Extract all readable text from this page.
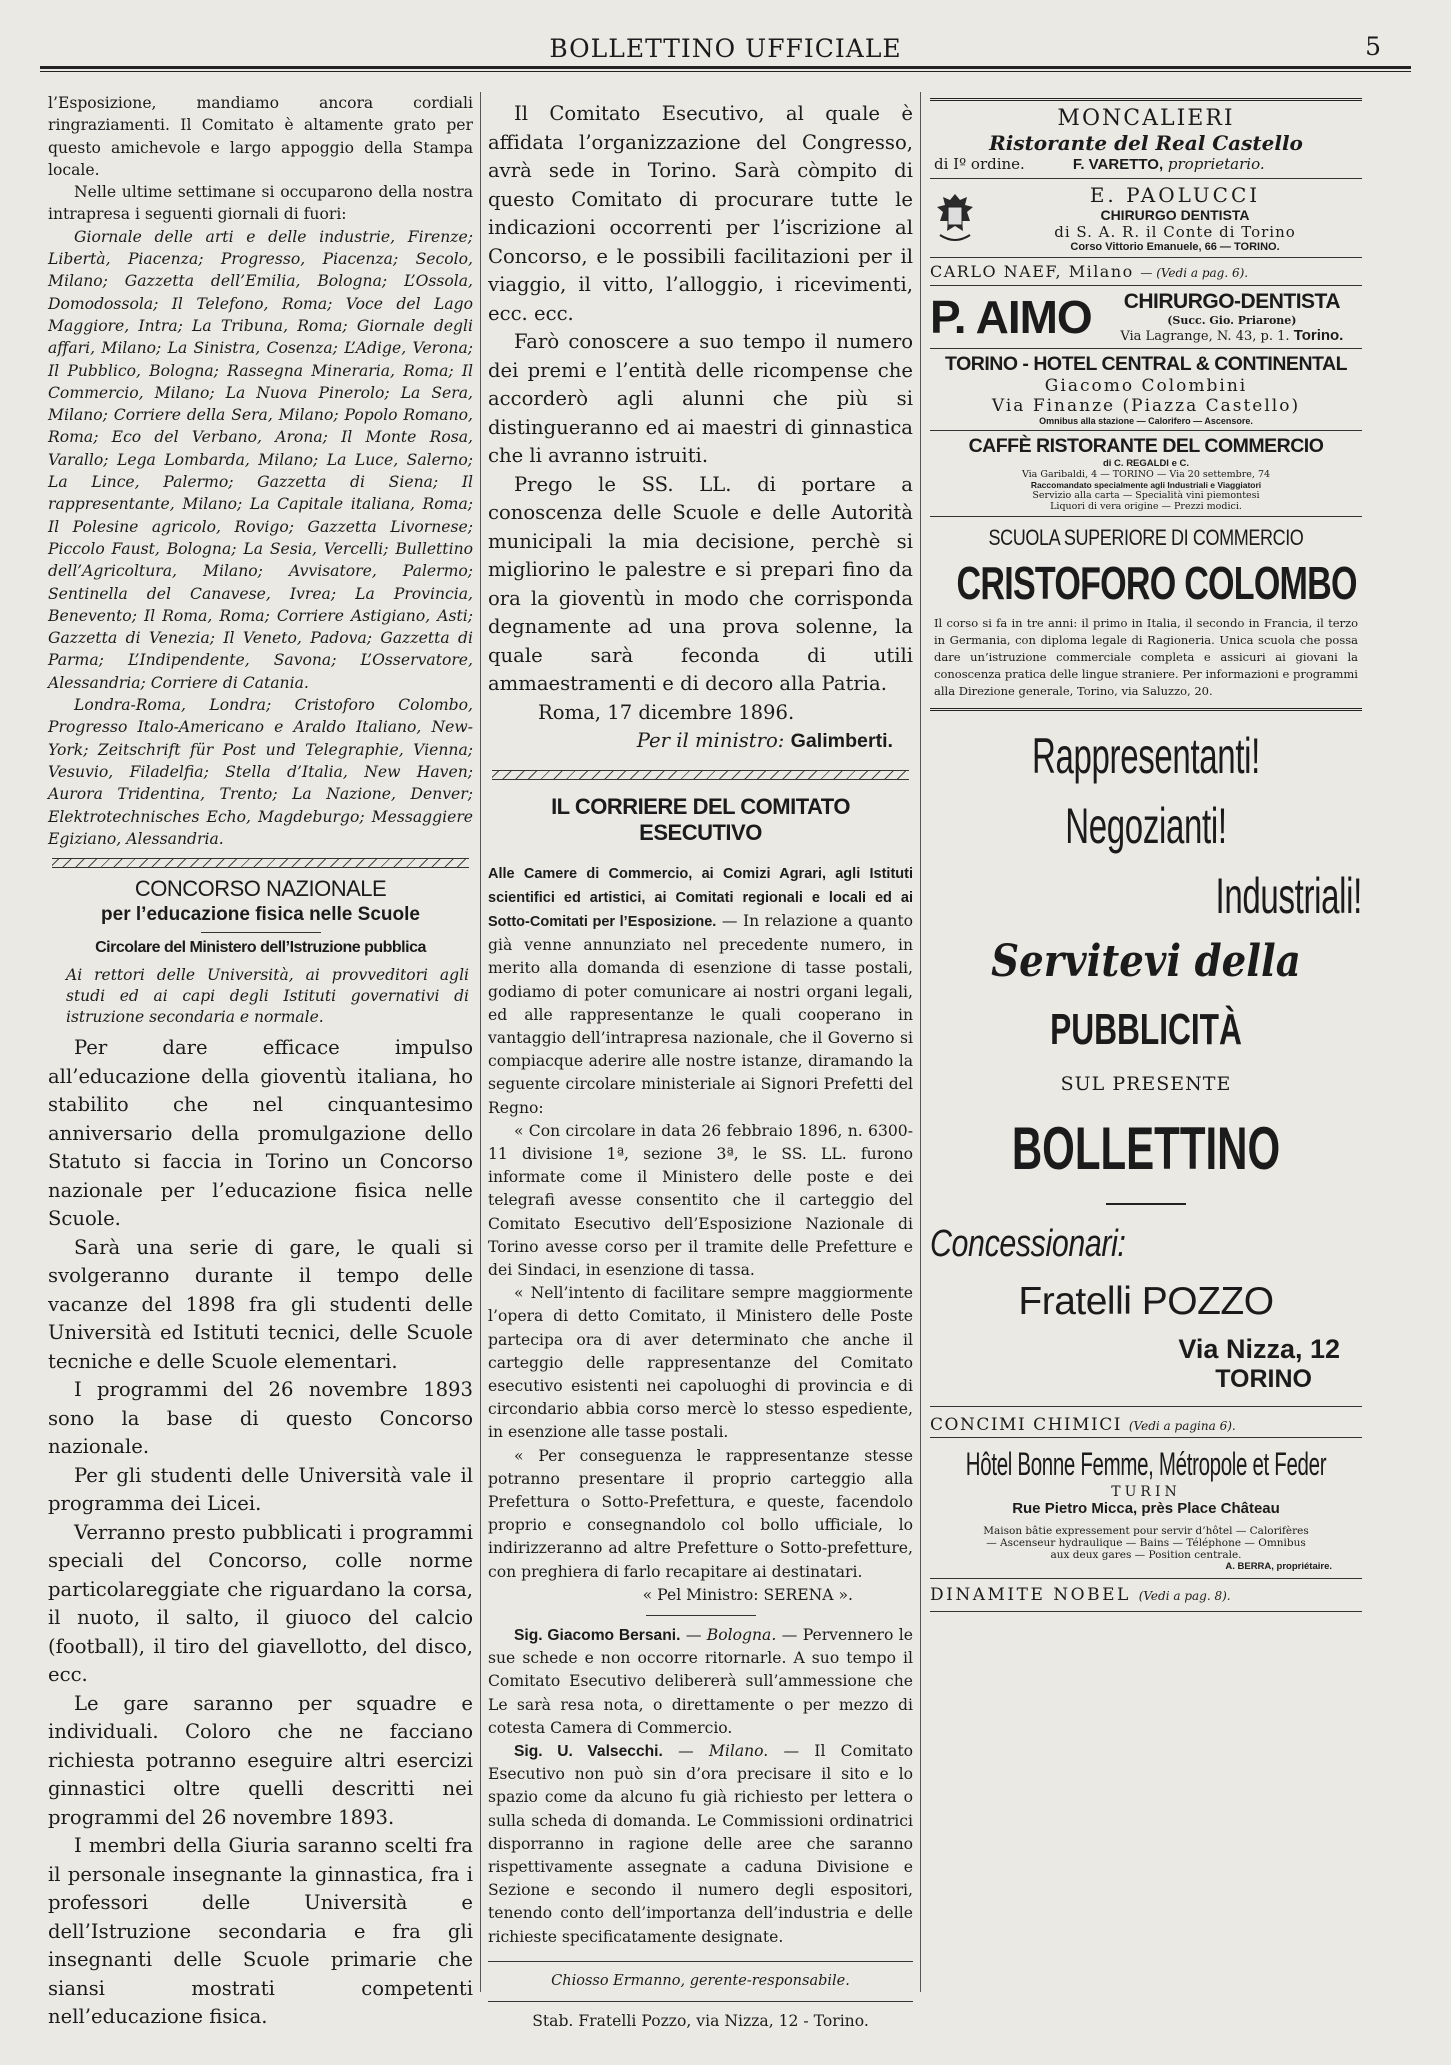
BOLLETTINO UFFICIALE	5

l’Esposizione, mandiamo ancora cordiali ringraziamenti. Il Comitato è altamente grato per questo amichevole e largo appoggio della Stampa locale.

Nelle ultime settimane si occuparono della nostra intrapresa i seguenti giornali di fuori:

Giornale delle arti e delle industrie, Firenze; Libertà, Piacenza; Progresso, Piacenza; Secolo, Milano; Gazzetta dell’Emilia, Bologna; L’Ossola, Domodossola; Il Telefono, Roma; Voce del Lago Maggiore, Intra; La Tribuna, Roma; Giornale degli affari, Milano; La Sinistra, Cosenza; L’Adige, Verona; Il Pubblico, Bologna; Rassegna Mineraria, Roma; Il Commercio, Milano; La Nuova Pinerolo; La Sera, Milano; Corriere della Sera, Milano; Popolo Romano, Roma; Eco del Verbano, Arona; Il Monte Rosa, Varallo; Lega Lombarda, Milano; La Luce, Salerno; La Lince, Palermo; Gazzetta di Siena; Il rappresentante, Milano; La Capitale italiana, Roma; Il Polesine agricolo, Rovigo; Gazzetta Livornese; Piccolo Faust, Bologna; La Sesia, Vercelli; Bullettino dell’Agricoltura, Milano; Avvisatore, Palermo; Sentinella del Canavese, Ivrea; La Provincia, Benevento; Il Roma, Roma; Corriere Astigiano, Asti; Gazzetta di Venezia; Il Veneto, Padova; Gazzetta di Parma; L’Indipendente, Savona; L’Osservatore, Alessandria; Corriere di Catania.

Londra-Roma, Londra; Cristoforo Colombo, Progresso Italo-Americano e Araldo Italiano, New-York; Zeitschrift für Post und Telegraphie, Vienna; Vesuvio, Filadelfia; Stella d’Italia, New Haven; Aurora Tridentina, Trento; La Nazione, Denver; Elektrotechnisches Echo, Magdeburgo; Messaggiere Egiziano, Alessandria.

CONCORSO NAZIONALE
per l’educazione fisica nelle Scuole
Circolare del Ministero dell’Istruzione pubblica

Ai rettori delle Università, ai provveditori agli studi ed ai capi degli Istituti governativi di istruzione secondaria e normale.

Per dare efficace impulso all’educazione della gioventù italiana, ho stabilito che nel cinquantesimo anniversario della promulgazione dello Statuto si faccia in Torino un Concorso nazionale per l’educazione fisica nelle Scuole.

Sarà una serie di gare, le quali si svolgeranno durante il tempo delle vacanze del 1898 fra gli studenti delle Università ed Istituti tecnici, delle Scuole tecniche e delle Scuole elementari.

I programmi del 26 novembre 1893 sono la base di questo Concorso nazionale.

Per gli studenti delle Università vale il programma dei Licei.

Verranno presto pubblicati i programmi speciali del Concorso, colle norme particolareggiate che riguardano la corsa, il nuoto, il salto, il giuoco del calcio (football), il tiro del giavellotto, del disco, ecc.

Le gare saranno per squadre e individuali. Coloro che ne facciano richiesta potranno eseguire altri esercizi ginnastici oltre quelli descritti nei programmi del 26 novembre 1893.

I membri della Giuria saranno scelti fra il personale insegnante la ginnastica, fra i professori delle Università e dell’Istruzione secondaria e fra gli insegnanti delle Scuole primarie che siansi mostrati competenti nell’educazione fisica.

Il Comitato Esecutivo, al quale è affidata l’organizzazione del Congresso, avrà sede in Torino. Sarà còmpito di questo Comitato di procurare tutte le indicazioni occorrenti per l’iscrizione al Concorso, e le possibili facilitazioni per il viaggio, il vitto, l’alloggio, i ricevimenti, ecc. ecc.

Farò conoscere a suo tempo il numero dei premi e l’entità delle ricompense che accorderò agli alunni che più si distingueranno ed ai maestri di ginnastica che li avranno istruiti.

Prego le SS. LL. di portare a conoscenza delle Scuole e delle Autorità municipali la mia decisione, perchè si migliorino le palestre e si prepari fino da ora la gioventù in modo che corrisponda degnamente ad una prova solenne, la quale sarà feconda di utili ammaestramenti e di decoro alla Patria.

Roma, 17 dicembre 1896.
Per il ministro: Galimberti.
IL CORRIERE DEL COMITATO ESECUTIVO

Alle Camere di Commercio, ai Comizi Agrari, agli Istituti scientifici ed artistici, ai Comitati regionali e locali ed ai Sotto-Comitati per l’Esposizione. — In relazione a quanto già venne annunziato nel precedente numero, in merito alla domanda di esenzione di tasse postali, godiamo di poter comunicare ai nostri organi legali, ed alle rappresentanze le quali cooperano in vantaggio dell’intrapresa nazionale, che il Governo si compiacque aderire alle nostre istanze, diramando la seguente circolare ministeriale ai Signori Prefetti del Regno:

« Con circolare in data 26 febbraio 1896, n. 6300-11 divisione 1ª, sezione 3ª, le SS. LL. furono informate come il Ministero delle poste e dei telegrafi avesse consentito che il carteggio del Comitato Esecutivo dell’Esposizione Nazionale di Torino avesse corso per il tramite delle Prefetture e dei Sindaci, in esenzione di tassa.

« Nell’intento di facilitare sempre maggiormente l’opera di detto Comitato, il Ministero delle Poste partecipa ora di aver determinato che anche il carteggio delle rappresentanze del Comitato esecutivo esistenti nei capoluoghi di provincia e di circondario abbia corso mercè lo stesso espediente, in esenzione alle tasse postali.

« Per conseguenza le rappresentanze stesse potranno presentare il proprio carteggio alla Prefettura o Sotto-Prefettura, e queste, facendolo proprio e consegnandolo col bollo ufficiale, lo indirizzeranno ad altre Prefetture o Sotto-prefetture, con preghiera di farlo recapitare ai destinatari.

« Pel Ministro: SERENA ».

Sig. Giacomo Bersani. — Bologna. — Pervennero le sue schede e non occorre ritornarle. A suo tempo il Comitato Esecutivo delibererà sull’ammessione che Le sarà resa nota, o direttamente o per mezzo di cotesta Camera di Commercio.

Sig. U. Valsecchi. — Milano. — Il Comitato Esecutivo non può sin d’ora precisare il sito e lo spazio come da alcuno fu già richiesto per lettera o sulla scheda di domanda. Le Commissioni ordinatrici disporranno in ragione delle aree che saranno rispettivamente assegnate a caduna Divisione e Sezione e secondo il numero degli espositori, tenendo conto dell’importanza dell’industria e delle richieste specificatamente designate.

Chiosso Ermanno, gerente-responsabile.
Stab. Fratelli Pozzo, via Nizza, 12 - Torino.
MONCALIERI
Ristorante del Real Castello
di Iº ordine.	F. VARETTO, proprietario.
E. PAOLUCCI
CHIRURGO DENTISTA
di S. A. R. il Conte di Torino
Corso Vittorio Emanuele, 66 — TORINO.
CARLO NAEF, Milano — (Vedi a pag. 6).
P. AIMO	CHIRURGO-DENTISTA
(Succ. Gio. Priarone)
Via Lagrange, N. 43, p. 1. Torino.
TORINO - HOTEL CENTRAL & CONTINENTAL
Giacomo Colombini
Via Finanze (Piazza Castello)
Omnibus alla stazione — Calorifero — Ascensore.
CAFFÈ RISTORANTE DEL COMMERCIO
di C. REGALDI e C.
Via Garibaldi, 4 — TORINO — Via 20 settembre, 74
Raccomandato specialmente agli Industriali e Viaggiatori
Servizio alla carta — Specialità vini piemontesi
Liquori di vera origine — Prezzi modici.
SCUOLA SUPERIORE DI COMMERCIO
CRISTOFORO COLOMBO

Il corso si fa in tre anni: il primo in Italia, il secondo in Francia, il terzo in Germania, con diploma legale di Ragioneria. Unica scuola che possa dare un’istruzione commerciale completa e assicuri ai giovani la conoscenza pratica delle lingue straniere. Per informazioni e programmi alla Direzione generale, Torino, via Saluzzo, 20.

Rappresentanti!
Negozianti!
Industriali!
Servitevi della
PUBBLICITÀ
SUL PRESENTE
BOLLETTINO
Concessionari:
Fratelli POZZO
Via Nizza, 12
TORINO
CONCIMI CHIMICI (Vedi a pagina 6).
Hôtel Bonne Femme, Métropole et Feder
TURIN
Rue Pietro Micca, près Place Château
Maison bâtie expressement pour servir d’hôtel — Calorifères
— Ascenseur hydraulique — Bains — Téléphone — Omnibus
aux deux gares — Position centrale.
A. BERRA, propriétaire.
DINAMITE NOBEL (Vedi a pag. 8).
